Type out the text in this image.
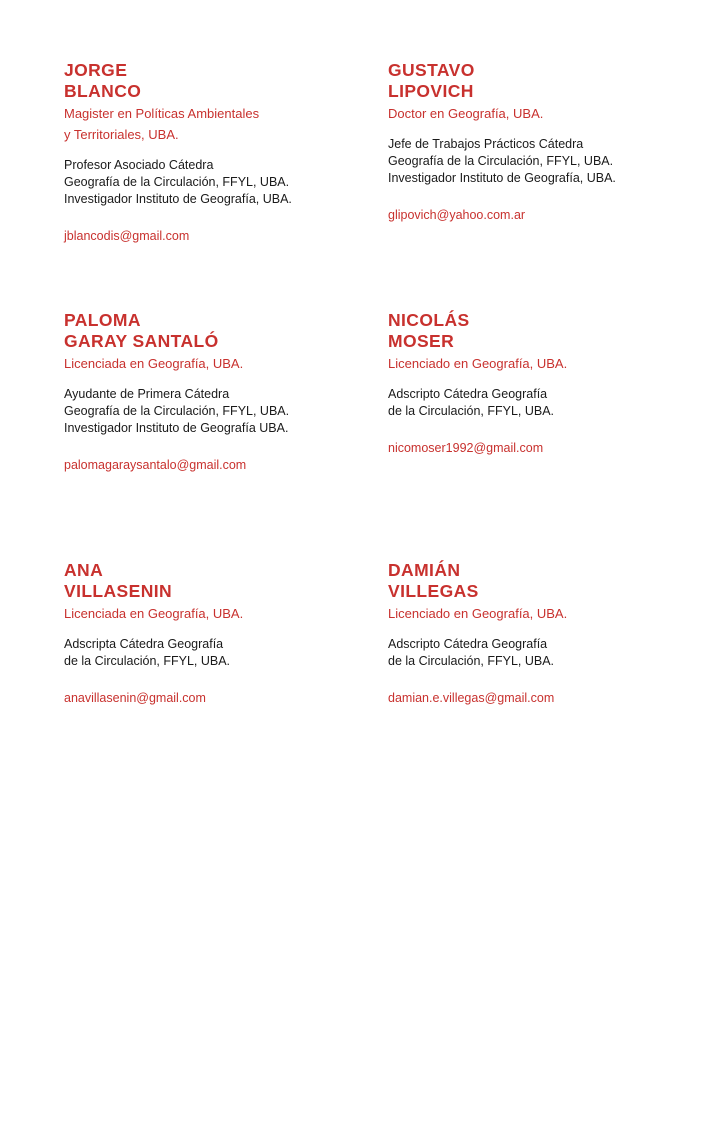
JORGE
BLANCO
Magister en Políticas Ambientales
y Territoriales, UBA.
Profesor Asociado Cátedra
Geografía de la Circulación, FFYL, UBA.
Investigador Instituto de Geografía, UBA.
jblancodis@gmail.com
GUSTAVO
LIPOVICH
Doctor en Geografía, UBA.
Jefe de Trabajos Prácticos Cátedra
Geografía de la Circulación, FFYL, UBA.
Investigador Instituto de Geografía, UBA.
glipovich@yahoo.com.ar
PALOMA
GARAY SANTALÓ
Licenciada en Geografía, UBA.
Ayudante de Primera Cátedra
Geografía de la Circulación, FFYL, UBA.
Investigador Instituto de Geografía UBA.
palomagaraysantalo@gmail.com
NICOLÁS
MOSER
Licenciado en Geografía, UBA.
Adscripto Cátedra Geografía
de la Circulación, FFYL, UBA.
nicomoser1992@gmail.com
ANA
VILLASENIN
Licenciada en Geografía, UBA.
Adscripta Cátedra Geografía
de la Circulación, FFYL, UBA.
anavillasenin@gmail.com
DAMIÁN
VILLEGAS
Licenciado en Geografía, UBA.
Adscripto Cátedra Geografía
de la Circulación, FFYL, UBA.
damian.e.villegas@gmail.com
